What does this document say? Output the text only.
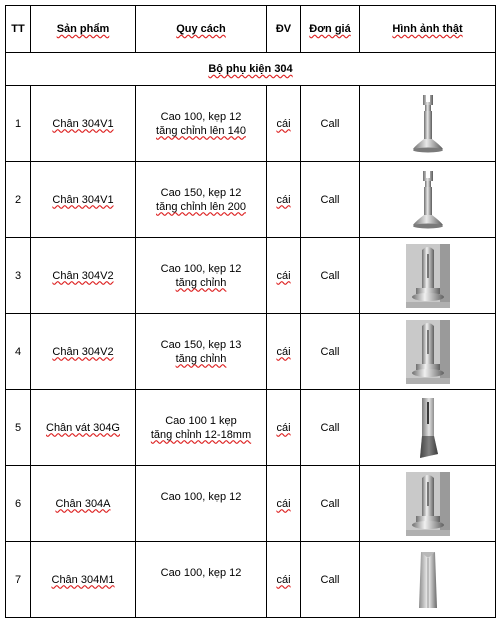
TT	Sản phẩm	Quy cách	ĐV	Đơn giá	Hình ảnh thật
Bộ phụ kiện 304					
1	Chân 304V1	Cao 100, kẹp 12
tăng chỉnh lên 140	cái	Call	

2	Chân 304V1	Cao 150, kẹp 12
tăng chỉnh lên 200	cái	Call	

3	Chân 304V2	Cao 100, kẹp 12
tăng chỉnh	cái	Call	

4	Chân 304V2	Cao 150, kẹp 13
tăng chỉnh	cái	Call	

5	Chân vát 304G	Cao 100 1 kẹp
tăng chỉnh 12-18mm	cái	Call	

6	Chân 304A	Cao 100, kẹp 12	cái	Call	

7	Chân 304M1	Cao 100, kẹp 12	cái	Call	
